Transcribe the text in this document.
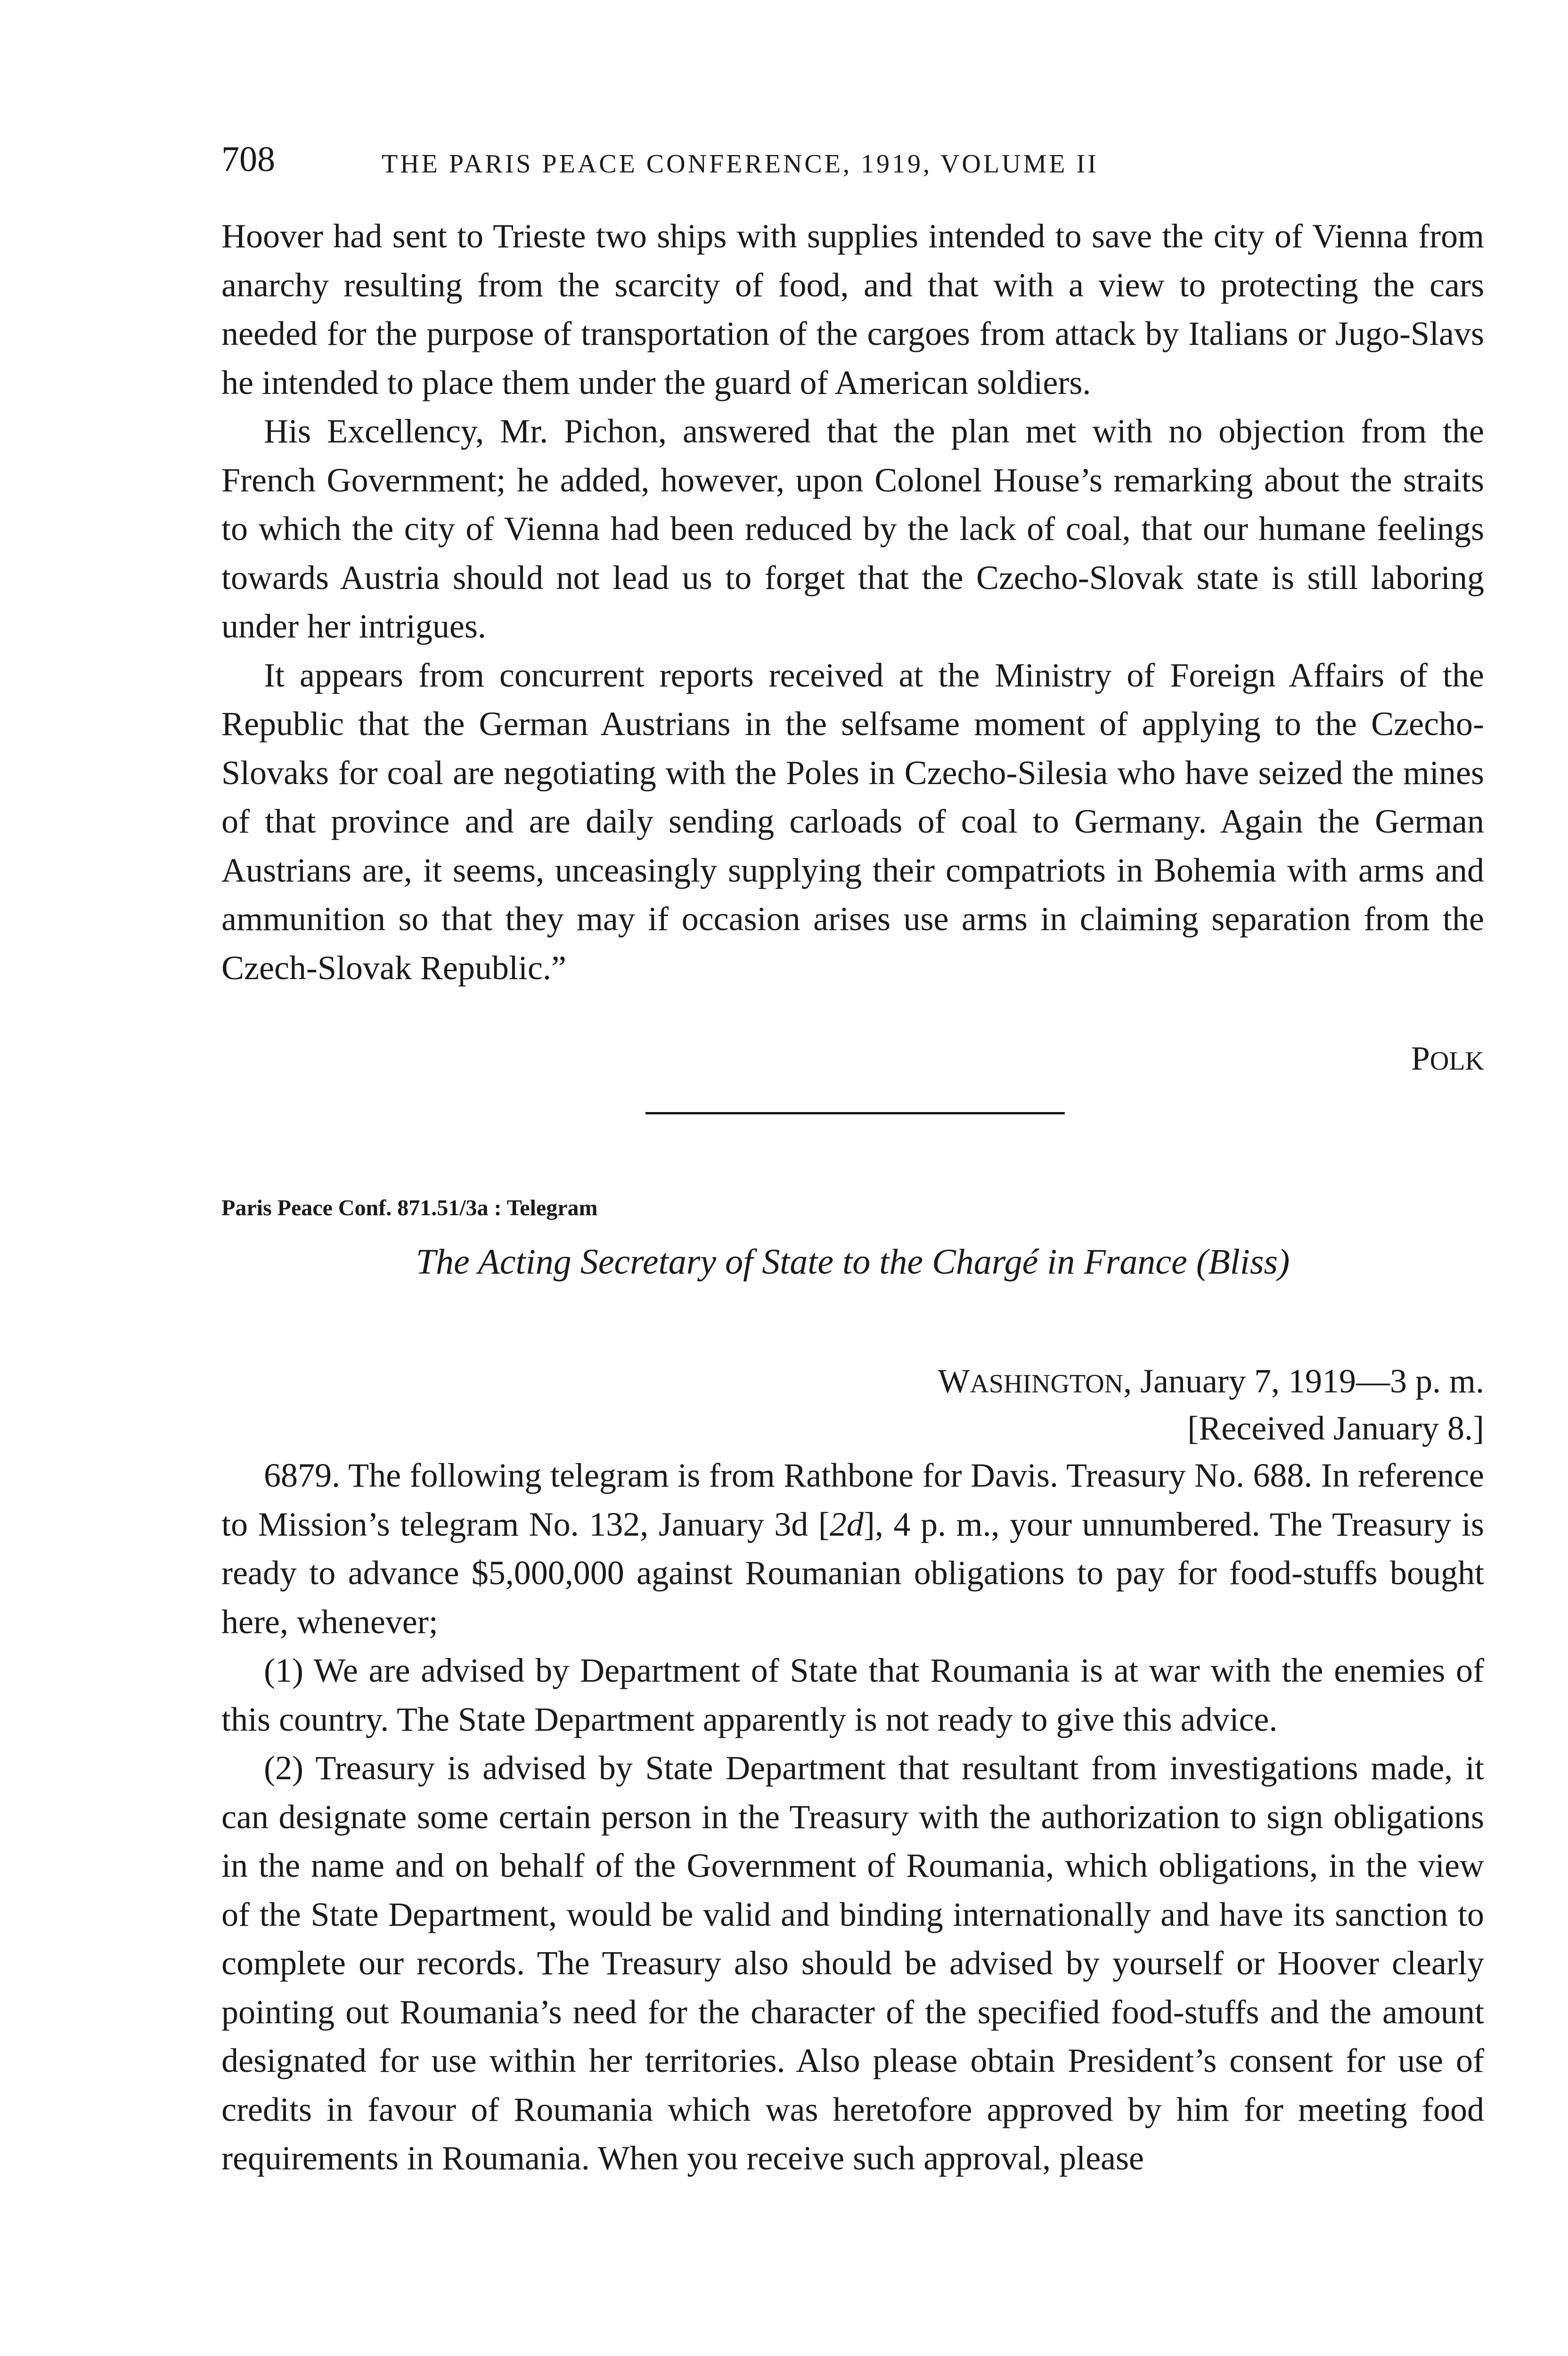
708	THE PARIS PEACE CONFERENCE, 1919, VOLUME II

Hoover had sent to Trieste two ships with supplies intended to save the city of Vienna from anarchy resulting from the scarcity of food, and that with a view to protecting the cars needed for the purpose of transportation of the cargoes from attack by Italians or Jugo-Slavs he intended to place them under the guard of American soldiers.

His Excellency, Mr. Pichon, answered that the plan met with no objection from the French Government; he added, however, upon Colonel House’s remarking about the straits to which the city of Vienna had been reduced by the lack of coal, that our humane feelings towards Austria should not lead us to forget that the Czecho-Slovak state is still laboring under her intrigues.

It appears from concurrent reports received at the Ministry of Foreign Affairs of the Republic that the German Austrians in the selfsame moment of applying to the Czecho-Slovaks for coal are negotiating with the Poles in Czecho-Silesia who have seized the mines of that province and are daily sending carloads of coal to Germany. Again the German Austrians are, it seems, unceasingly supplying their compatriots in Bohemia with arms and ammunition so that they may if occasion arises use arms in claiming separation from the Czech-Slovak Republic.”

POLK
Paris Peace Conf. 871.51/3a : Telegram
The Acting Secretary of State to the Chargé in France (Bliss)
WASHINGTON, January 7, 1919—3 p. m.
[Received January 8.]

6879. The following telegram is from Rathbone for Davis. Treasury No. 688. In reference to Mission’s telegram No. 132, January 3d [2d], 4 p. m., your unnumbered. The Treasury is ready to advance $5,000,000 against Roumanian obligations to pay for food-stuffs bought here, whenever;

(1) We are advised by Department of State that Roumania is at war with the enemies of this country. The State Department apparently is not ready to give this advice.

(2) Treasury is advised by State Department that resultant from investigations made, it can designate some certain person in the Treasury with the authorization to sign obligations in the name and on behalf of the Government of Roumania, which obligations, in the view of the State Department, would be valid and binding internationally and have its sanction to complete our records. The Treasury also should be advised by yourself or Hoover clearly pointing out Roumania’s need for the character of the specified food-stuffs and the amount designated for use within her territories. Also please obtain President’s consent for use of credits in favour of Roumania which was heretofore approved by him for meeting food requirements in Roumania. When you receive such approval, please
